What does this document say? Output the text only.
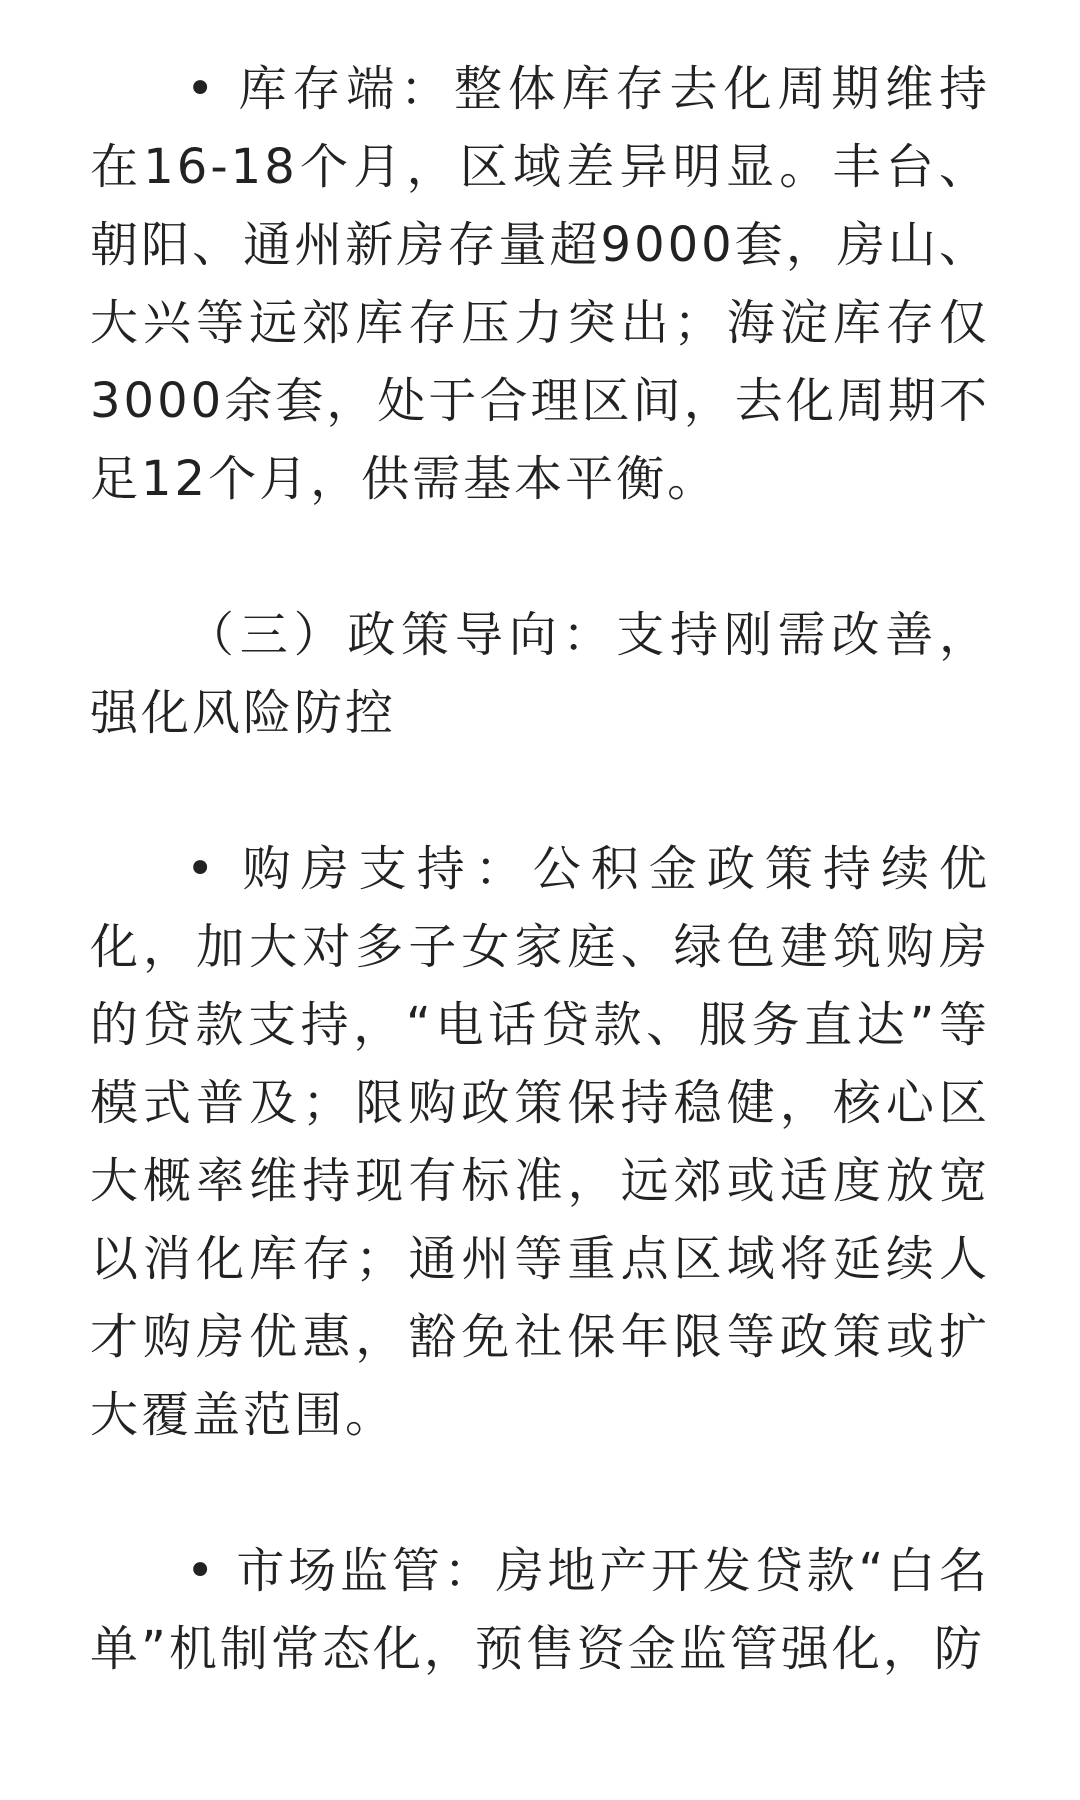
• 库存端：整体库存去化周期维持在16-18个月，区域差异明显。丰台、朝阳、通州新房存量超9000套，房山、大兴等远郊库存压力突出；海淀库存仅3000余套，处于合理区间，去化周期不足12个月，供需基本平衡。

（三）政策导向：支持刚需改善，强化风险防控

• 购房支持：公积金政策持续优化，加大对多子女家庭、绿色建筑购房的贷款支持，“电话贷款、服务直达”等模式普及；限购政策保持稳健，核心区大概率维持现有标准，远郊或适度放宽以消化库存；通州等重点区域将延续人才购房优惠，豁免社保年限等政策或扩大覆盖范围。

• 市场监管：房地产开发贷款“白名单”机制常态化，预售资金监管强化，防
